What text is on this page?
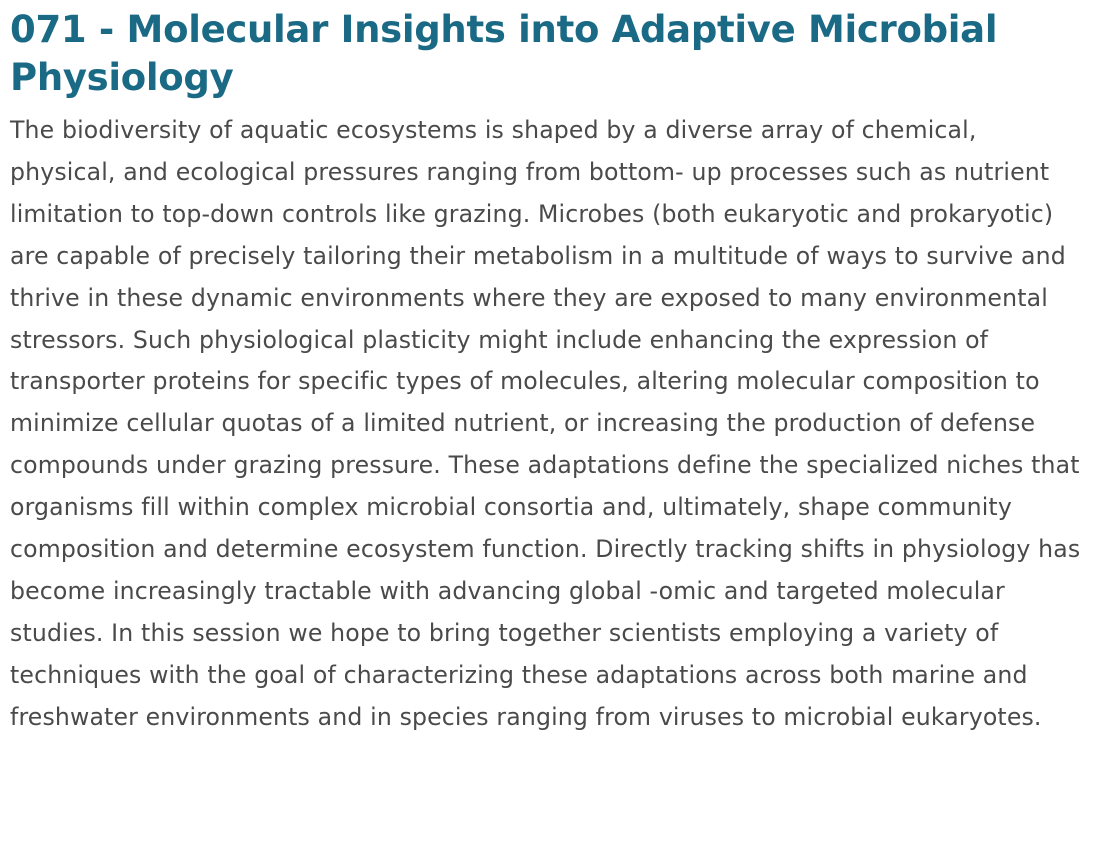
071 - Molecular Insights into Adaptive Microbial Physiology

The biodiversity of aquatic ecosystems is shaped by a diverse array of chemical, physical, and ecological pressures ranging from bottom- up processes such as nutrient limitation to top-down controls like grazing. Microbes (both eukaryotic and prokaryotic) are capable of precisely tailoring their metabolism in a multitude of ways to survive and thrive in these dynamic environments where they are exposed to many environmental stressors. Such physiological plasticity might include enhancing the expression of transporter proteins for specific types of molecules, altering molecular composition to minimize cellular quotas of a limited nutrient, or increasing the production of defense compounds under grazing pressure. These adaptations define the specialized niches that organisms fill within complex microbial consortia and, ultimately, shape community composition and determine ecosystem function. Directly tracking shifts in physiology has become increasingly tractable with advancing global -omic and targeted molecular studies. In this session we hope to bring together scientists employing a variety of techniques with the goal of characterizing these adaptations across both marine and freshwater environments and in species ranging from viruses to microbial eukaryotes.
